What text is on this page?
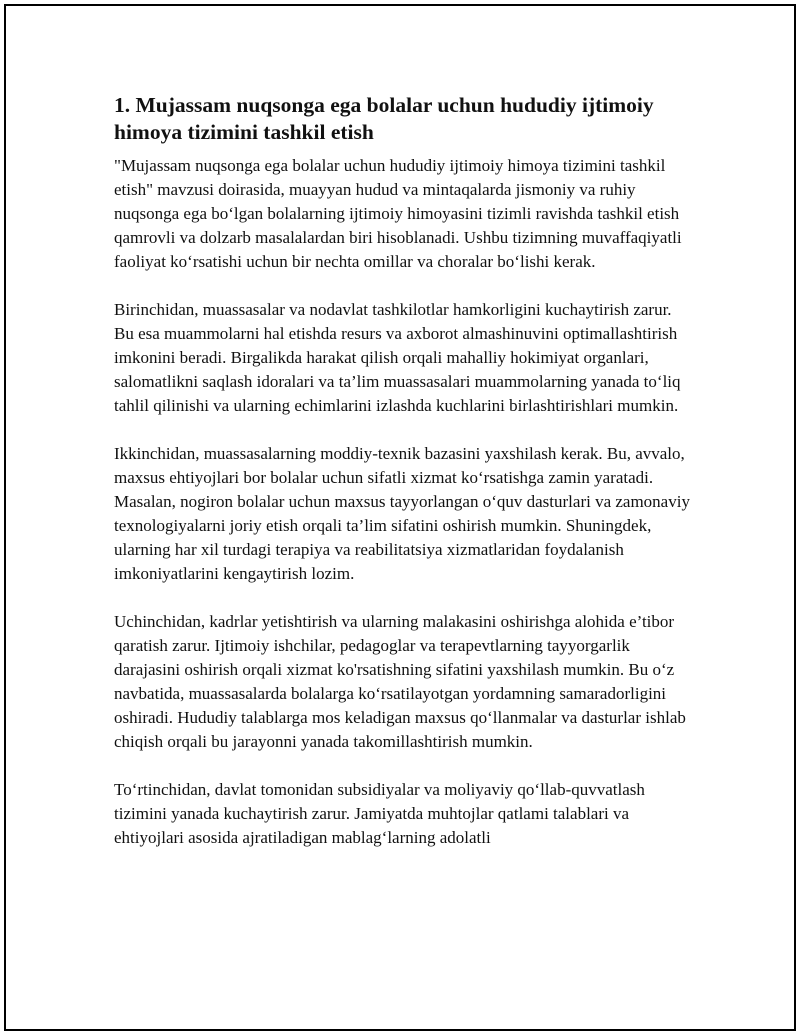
1. Mujassam nuqsonga ega bolalar uchun hududiy ijtimoiy himoya tizimini tashkil etish

"Mujassam nuqsonga ega bolalar uchun hududiy ijtimoiy himoya tizimini tashkil etish" mavzusi doirasida, muayyan hudud va mintaqalarda jismoniy va ruhiy nuqsonga ega bo‘lgan bolalarning ijtimoiy himoyasini tizimli ravishda tashkil etish qamrovli va dolzarb masalalardan biri hisoblanadi. Ushbu tizimning muvaffaqiyatli faoliyat ko‘rsatishi uchun bir nechta omillar va choralar bo‘lishi kerak.

Birinchidan, muassasalar va nodavlat tashkilotlar hamkorligini kuchaytirish zarur. Bu esa muammolarni hal etishda resurs va axborot almashinuvini optimallashtirish imkonini beradi. Birgalikda harakat qilish orqali mahalliy hokimiyat organlari, salomatlikni saqlash idoralari va ta’lim muassasalari muammolarning yanada to‘liq tahlil qilinishi va ularning echimlarini izlashda kuchlarini birlashtirishlari mumkin.

Ikkinchidan, muassasalarning moddiy-texnik bazasini yaxshilash kerak. Bu, avvalo, maxsus ehtiyojlari bor bolalar uchun sifatli xizmat ko‘rsatishga zamin yaratadi. Masalan, nogiron bolalar uchun maxsus tayyorlangan o‘quv dasturlari va zamonaviy texnologiyalarni joriy etish orqali ta’lim sifatini oshirish mumkin. Shuningdek, ularning har xil turdagi terapiya va reabilitatsiya xizmatlaridan foydalanish imkoniyatlarini kengaytirish lozim.

Uchinchidan, kadrlar yetishtirish va ularning malakasini oshirishga alohida e’tibor qaratish zarur. Ijtimoiy ishchilar, pedagoglar va terapevtlarning tayyorgarlik darajasini oshirish orqali xizmat ko'rsatishning sifatini yaxshilash mumkin. Bu o‘z navbatida, muassasalarda bolalarga ko‘rsatilayotgan yordamning samaradorligini oshiradi. Hududiy talablarga mos keladigan maxsus qo‘llanmalar va dasturlar ishlab chiqish orqali bu jarayonni yanada takomillashtirish mumkin.

To‘rtinchidan, davlat tomonidan subsidiyalar va moliyaviy qo‘llab-quvvatlash tizimini yanada kuchaytirish zarur. Jamiyatda muhtojlar qatlami talablari va ehtiyojlari asosida ajratiladigan mablag‘larning adolatli
